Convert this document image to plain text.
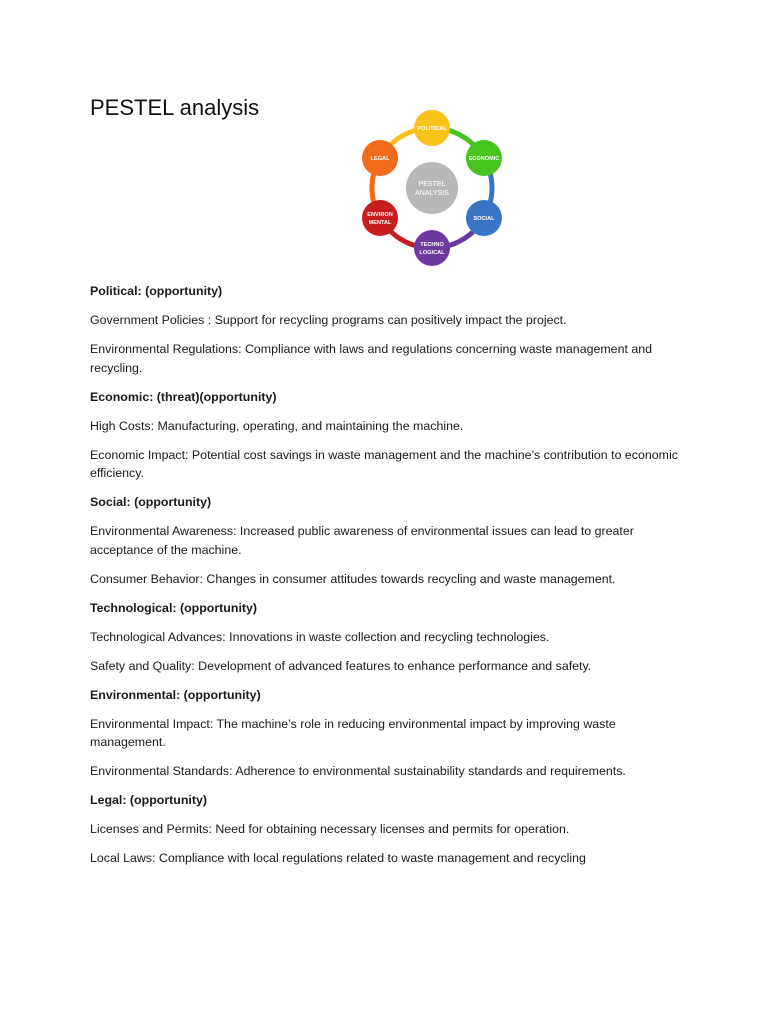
PESTEL analysis
PESTEL
ANALYSIS
POLITICAL
ECONOMIC
SOCIAL
TECHNO
LOGICAL
ENVIRON
MENTAL
LEGAL

Political: (opportunity)

Government Policies : Support for recycling programs can positively impact the project.

Environmental Regulations: Compliance with laws and regulations concerning waste management and recycling.

Economic: (threat)(opportunity)

High Costs: Manufacturing, operating, and maintaining the machine.

Economic Impact: Potential cost savings in waste management and the machine’s contribution to economic efficiency.

Social: (opportunity)

Environmental Awareness: Increased public awareness of environmental issues can lead to greater acceptance of the machine.

Consumer Behavior: Changes in consumer attitudes towards recycling and waste management.

Technological: (opportunity)

Technological Advances: Innovations in waste collection and recycling technologies.

Safety and Quality: Development of advanced features to enhance performance and safety.

Environmental: (opportunity)

Environmental Impact: The machine’s role in reducing environmental impact by improving waste management.

Environmental Standards: Adherence to environmental sustainability standards and requirements.

Legal: (opportunity)

Licenses and Permits: Need for obtaining necessary licenses and permits for operation.

Local Laws: Compliance with local regulations related to waste management and recycling
